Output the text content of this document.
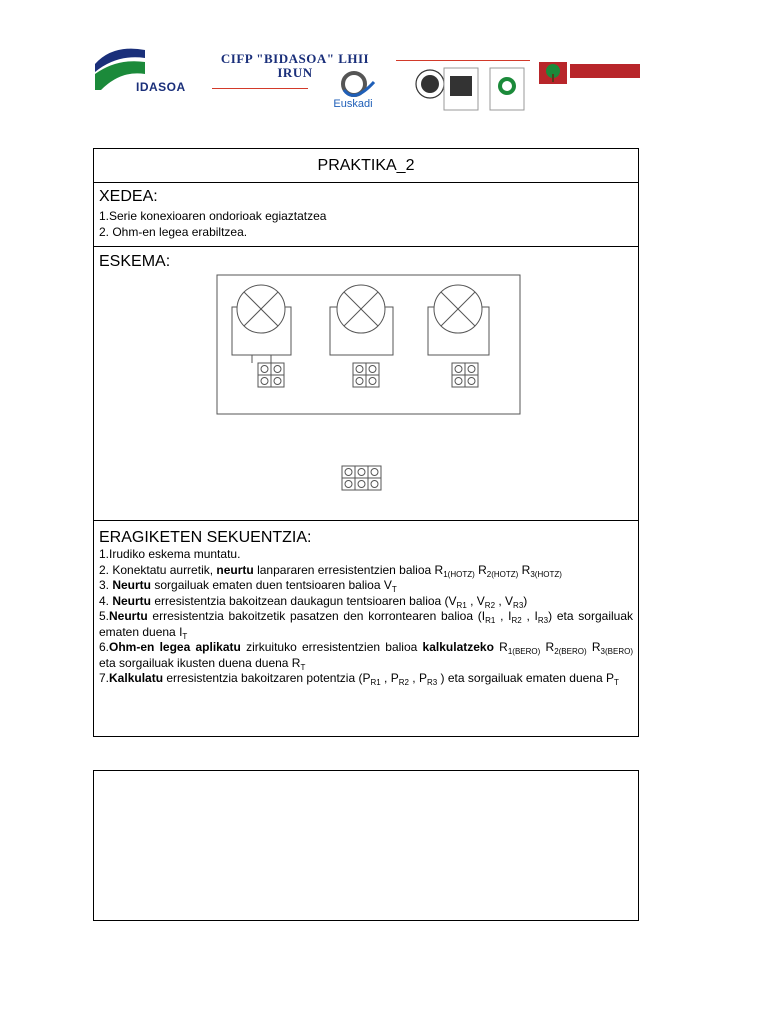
IDASOA
CIFP "BIDASOA" LHII
IRUN
Euskadi
PRAKTIKA_2
XEDEA:
1.Serie konexioaren ondorioak egiaztatzea
2. Ohm-en legea erabiltzea.
ESKEMA:
ERAGIKETEN SEKUENTZIA:

1.Irudiko eskema muntatu.

2. Konektatu aurretik, neurtu lanpararen erresistentzien balioa $R_{1(HOTZ)}$ $R_{2(HOTZ)}$ $R_{3(HOTZ)}$

3. Neurtu sorgailuak ematen duen tentsioaren balioa $V_T$

4. Neurtu erresistentzia bakoitzean daukagun tentsioaren balioa ($V_{R1}$ , $V_{R2}$ , $V_{R3}$)

5.Neurtu erresistentzia bakoitzetik pasatzen den korrontearen balioa ($I_{R1}$ , $I_{R2}$ , $I_{R3}$) eta sorgailuak ematen duena $I_T$

6.Ohm-en legea aplikatu zirkuituko erresistentzien balioa kalkulatzeko $R_{1(BERO)}$ $R_{2(BERO)}$ $R_{3(BERO)}$ eta sorgailuak ikusten duena duena $R_T$

7.Kalkulatu erresistentzia bakoitzaren potentzia ($P_{R1}$ , $P_{R2}$ , $P_{R3}$ ) eta sorgailuak ematen duena $P_T$
